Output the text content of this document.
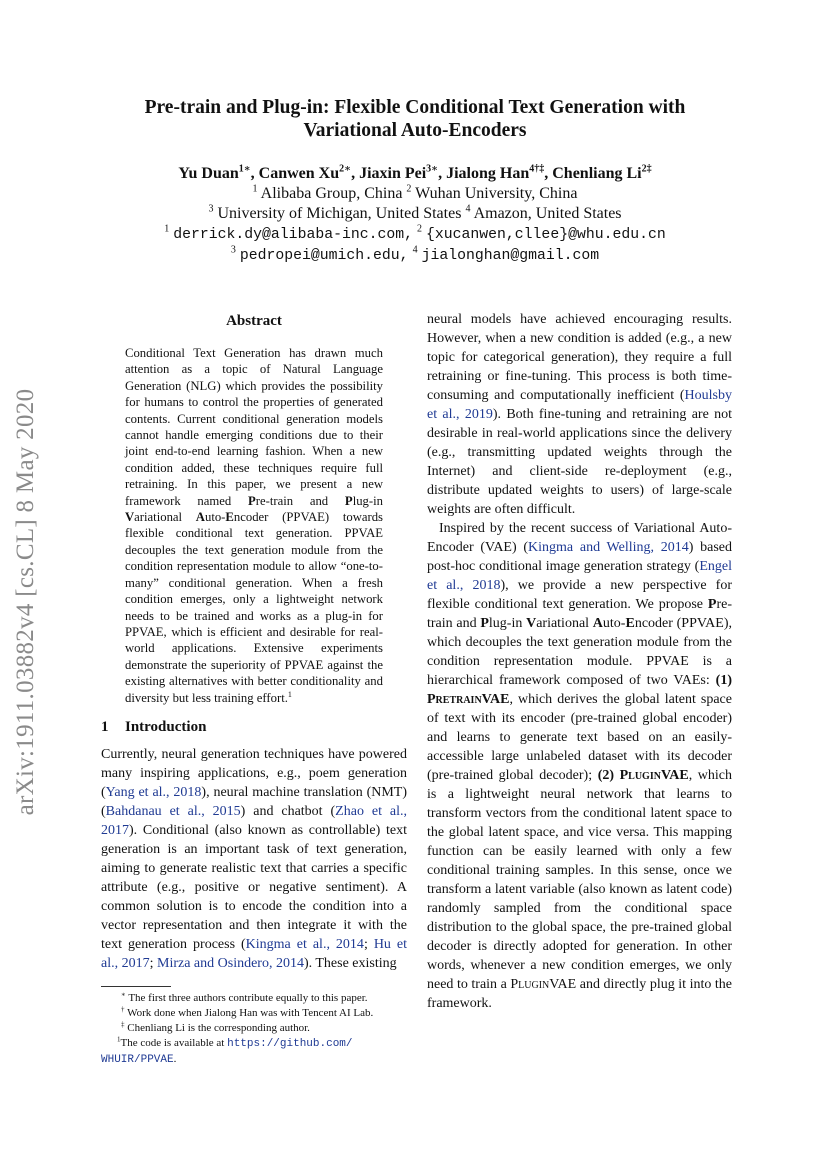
arXiv:1911.03882v4 [cs.CL] 8 May 2020
Pre-train and Plug-in: Flexible Conditional Text Generation with
Variational Auto-Encoders
Yu Duan$^{1∗}$, Canwen $Xu^{2∗}$, Jiaxin Pei$^{3∗}$, Jialong Han$^{4\dagger\ddagger}$, Chenliang $Li^{2\ddagger}$
$^1$ Alibaba Group, China $^2$ Wuhan University, China
$^3$ University of Michigan, United States $^4$ Amazon, United States
$^1$ derrick.dy@alibaba-inc.com, $^2$ {xucanwen,cllee}@whu.edu.cn
$^3$ pedropei@umich.edu, $^4$ jialonghan@gmail.com
Abstract
Conditional Text Generation has drawn much attention as a topic of Natural Language Generation (NLG) which provides the possibility for humans to control the properties of generated contents. Current conditional generation models cannot handle emerging conditions due to their joint end-to-end learning fashion. When a new condition added, these techniques require full retraining. In this paper, we present a new framework named Pre-train and Plug-in Variational Auto-Encoder (PPVAE) towards flexible conditional text generation. PPVAE decouples the text generation module from the condition representation module to allow “one-to-many” conditional generation. When a fresh condition emerges, only a lightweight network needs to be trained and works as a plug-in for PPVAE, which is efficient and desirable for real-world applications. Extensive experiments demonstrate the superiority of PPVAE against the existing alternatives with better conditionality and diversity but less training effort.$^1$
1 Introduction

Currently, neural generation techniques have powered many inspiring applications, e.g., poem generation (Yang et al., 2018), neural machine translation (NMT) (Bahdanau et al., 2015) and chatbot (Zhao et al., 2017). Conditional (also known as controllable) text generation is an important task of text generation, aiming to generate realistic text that carries a specific attribute (e.g., positive or negative sentiment). A common solution is to encode the condition into a vector representation and then integrate it with the text generation process (Kingma et al., 2014; Hu et al., 2017; Mirza and Osindero, 2014). These existing

∗ The first three authors contribute equally to this paper.
† Work done when Jialong Han was with Tencent AI Lab.
‡ Chenliang Li is the corresponding author.
$^1$The code is available at https://github.com/
WHUIR/PPVAE.

neural models have achieved encouraging results. However, when a new condition is added (e.g., a new topic for categorical generation), they require a full retraining or fine-tuning. This process is both time-consuming and computationally inefficient (Houlsby et al., 2019). Both fine-tuning and retraining are not desirable in real-world applications since the delivery (e.g., transmitting updated weights through the Internet) and client-side re-deployment (e.g., distribute updated weights to users) of large-scale weights are often difficult.

Inspired by the recent success of Variational Auto-Encoder (VAE) (Kingma and Welling, 2014) based post-hoc conditional image generation strategy (Engel et al., 2018), we provide a new perspective for flexible conditional text generation. We propose Pre-train and Plug-in Variational Auto-Encoder (PPVAE), which decouples the text generation module from the condition representation module. PPVAE is a hierarchical framework composed of two VAEs: (1) PretrainVAE, which derives the global latent space of text with its encoder (pre-trained global encoder) and learns to generate text based on an easily-accessible large unlabeled dataset with its decoder (pre-trained global decoder); (2) PluginVAE, which is a lightweight neural network that learns to transform vectors from the conditional latent space to the global latent space, and vice versa. This mapping function can be easily learned with only a few conditional training samples. In this sense, once we transform a latent variable (also known as latent code) randomly sampled from the conditional space distribution to the global space, the pre-trained global decoder is directly adopted for generation. In other words, whenever a new condition emerges, we only need to train a PluginVAE and directly plug it into the framework.
